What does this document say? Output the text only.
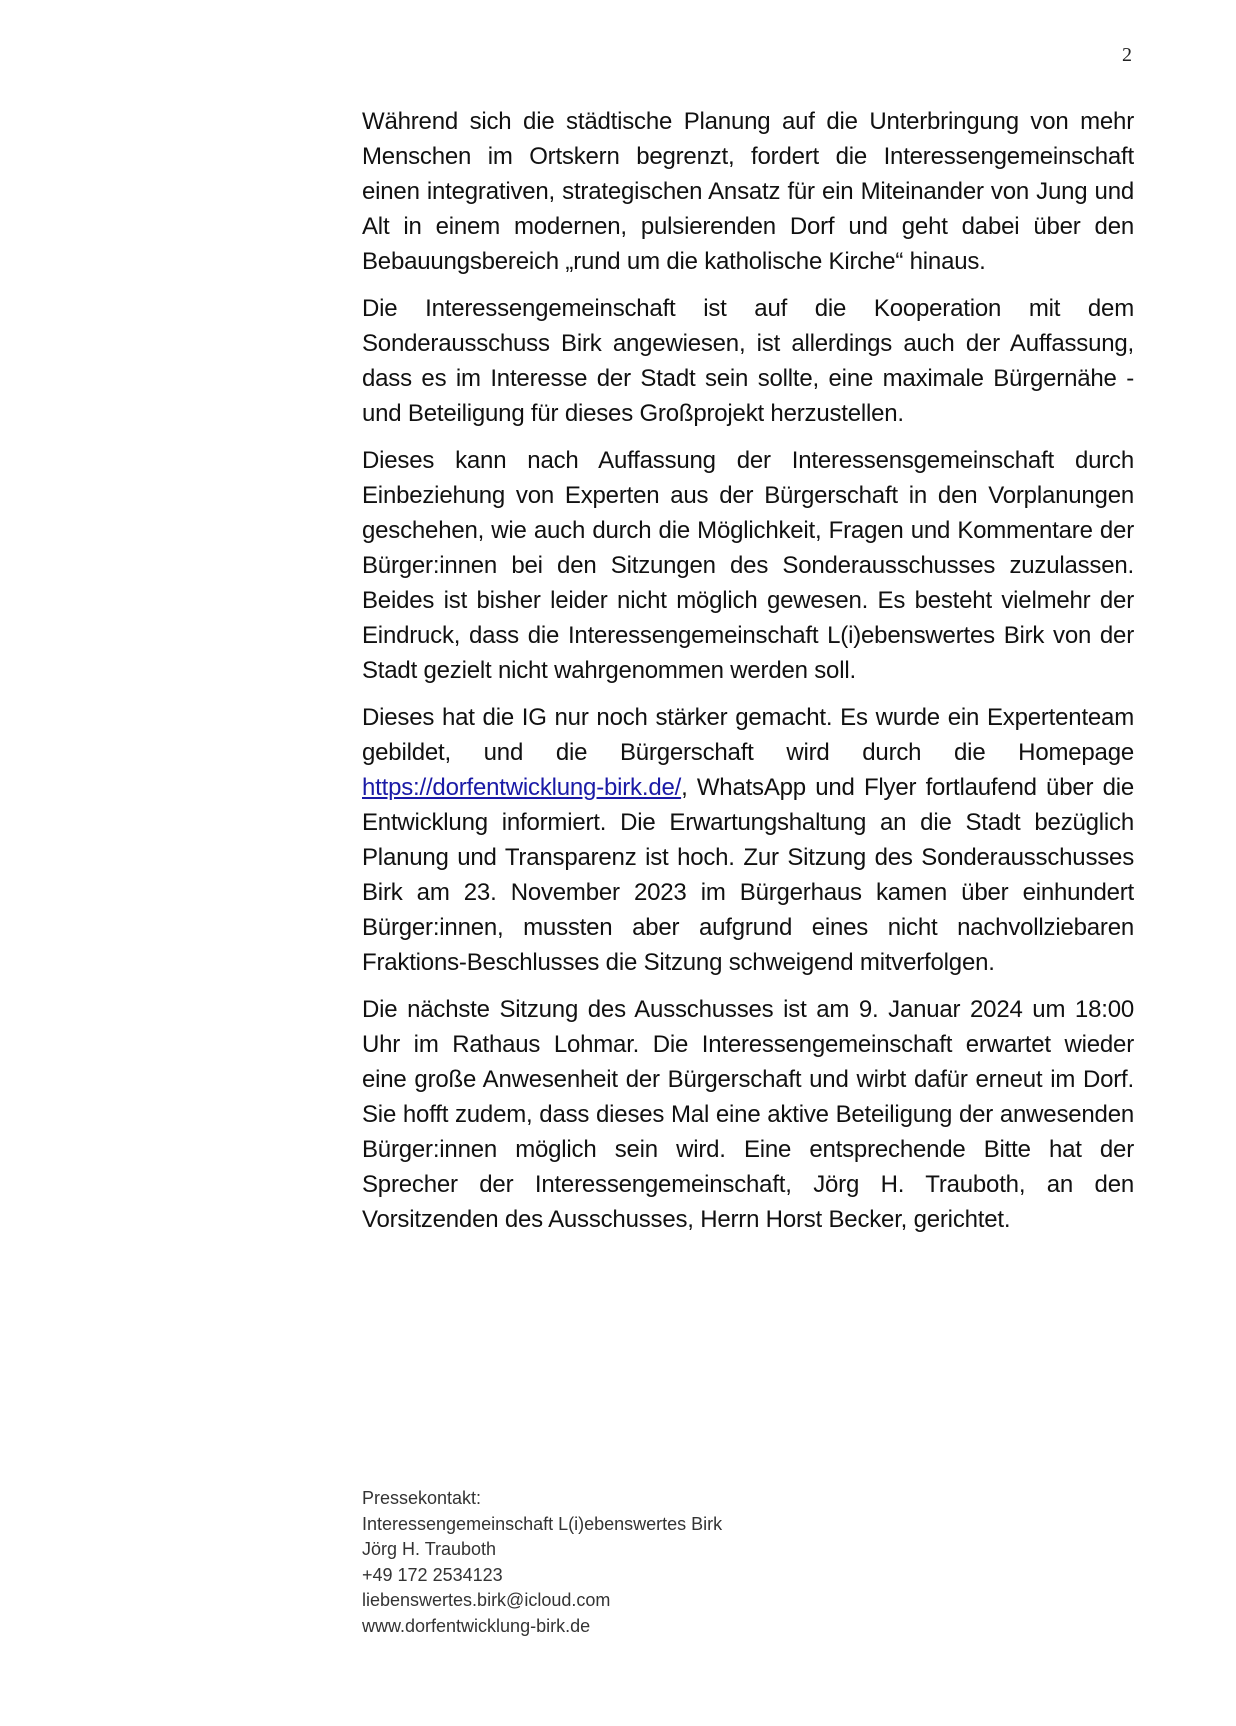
2

Während sich die städtische Planung auf die Unterbringung von mehr Menschen im Ortskern begrenzt, fordert die Interessengemeinschaft einen integrativen, strategischen Ansatz für ein Miteinander von Jung und Alt in einem modernen, pulsierenden Dorf und geht dabei über den Bebauungsbereich „rund um die katholische Kirche“ hinaus.

Die Interessengemeinschaft ist auf die Kooperation mit dem Sonderausschuss Birk angewiesen, ist allerdings auch der Auffassung, dass es im Interesse der Stadt sein sollte, eine maximale Bürgernähe - und Beteiligung für dieses Großprojekt herzustellen.

Dieses kann nach Auffassung der Interessensgemeinschaft durch Einbeziehung von Experten aus der Bürgerschaft in den Vorplanungen geschehen, wie auch durch die Möglichkeit, Fragen und Kommentare der Bürger:innen bei den Sitzungen des Sonderausschusses zuzulassen. Beides ist bisher leider nicht möglich gewesen. Es besteht vielmehr der Eindruck, dass die Interessengemeinschaft L(i)ebenswertes Birk von der Stadt gezielt nicht wahrgenommen werden soll.

Dieses hat die IG nur noch stärker gemacht. Es wurde ein Expertenteam gebildet, und die Bürgerschaft wird durch die Homepage https://dorfentwicklung-birk.de/, WhatsApp und Flyer fortlaufend über die Entwicklung informiert. Die Erwartungshaltung an die Stadt bezüglich Planung und Transparenz ist hoch. Zur Sitzung des Sonderausschusses Birk am 23. November 2023 im Bürgerhaus kamen über einhundert Bürger:innen, mussten aber aufgrund eines nicht nachvollziebaren Fraktions-Beschlusses die Sitzung schweigend mitverfolgen.

Die nächste Sitzung des Ausschusses ist am 9. Januar 2024 um 18:00 Uhr im Rathaus Lohmar. Die Interessengemeinschaft erwartet wieder eine große Anwesenheit der Bürgerschaft und wirbt dafür erneut im Dorf. Sie hofft zudem, dass dieses Mal eine aktive Beteiligung der anwesenden Bürger:innen möglich sein wird. Eine entsprechende Bitte hat der Sprecher der Interessengemeinschaft, Jörg H. Trauboth, an den Vorsitzenden des Ausschusses, Herrn Horst Becker, gerichtet.

Pressekontakt:
Interessengemeinschaft L(i)ebenswertes Birk
Jörg H. Trauboth
+49 172 2534123
liebenswertes.birk@icloud.com
www.dorfentwicklung-birk.de
